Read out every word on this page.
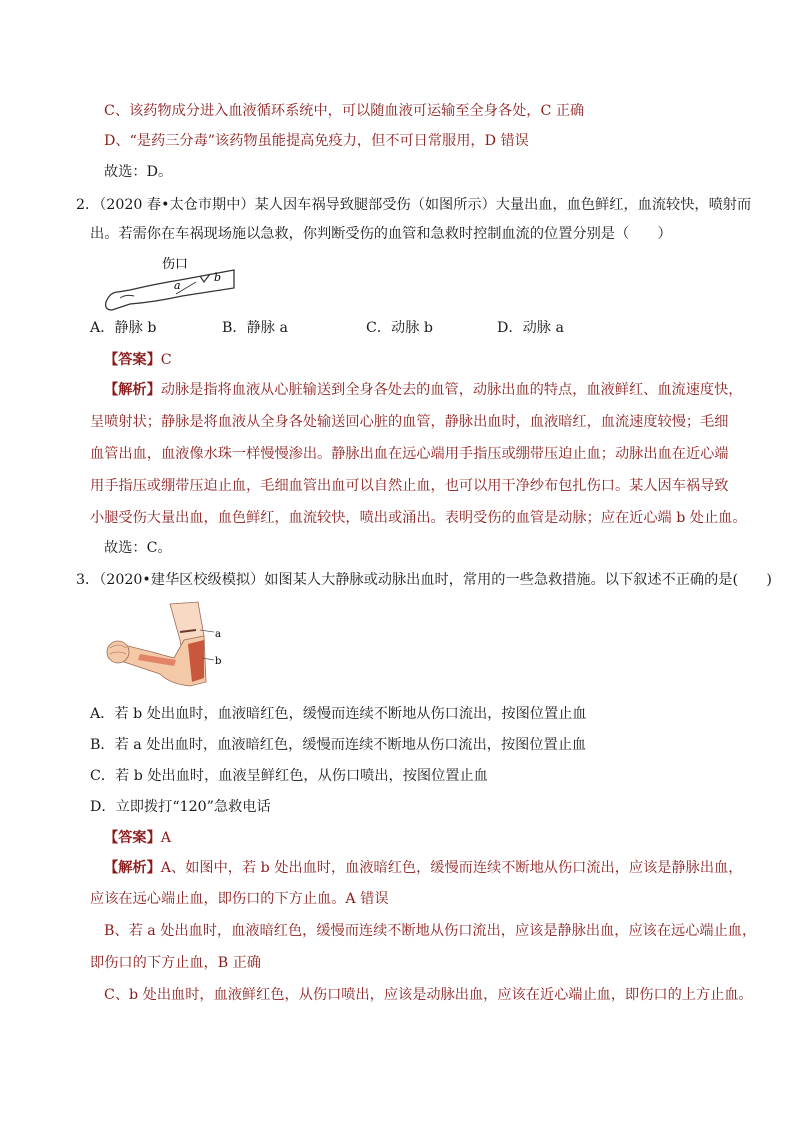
C、该药物成分进入血液循环系统中，可以随血液可运输至全身各处，C 正确
D、“是药三分毒”该药物虽能提高免疫力，但不可日常服用，D 错误
故选：D。
2．（2020 春•太仓市期中）某人因车祸导致腿部受伤（如图所示）大量出血，血色鲜红，血流较快，喷射而
出。若需你在车祸现场施以急救，你判断受伤的血管和急救时控制血流的位置分别是（　　）
伤口
a
b
A．静脉 b	B．静脉 a	C．动脉 b	D．动脉 a
【答案】C
【解析】动脉是指将血液从心脏输送到全身各处去的血管，动脉出血的特点，血液鲜红、血流速度快，
呈喷射状；静脉是将血液从全身各处输送回心脏的血管，静脉出血时，血液暗红，血流速度较慢；毛细
血管出血，血液像水珠一样慢慢渗出。静脉出血在远心端用手指压或绷带压迫止血；动脉出血在近心端
用手指压或绷带压迫止血，毛细血管出血可以自然止血，也可以用干净纱布包扎伤口。某人因车祸导致
小腿受伤大量出血，血色鲜红，血流较快，喷出或涌出。表明受伤的血管是动脉；应在近心端 b 处止血。
故选：C。
3．（2020•建华区校级模拟）如图某人大静脉或动脉出血时，常用的一些急救措施。以下叙述不正确的是(　　)
a
b
A．若 b 处出血时，血液暗红色，缓慢而连续不断地从伤口流出，按图位置止血
B．若 a 处出血时，血液暗红色，缓慢而连续不断地从伤口流出，按图位置止血
C．若 b 处出血时，血液呈鲜红色，从伤口喷出，按图位置止血
D．立即拨打“120”急救电话
【答案】A
【解析】A、如图中，若 b 处出血时，血液暗红色，缓慢而连续不断地从伤口流出，应该是静脉出血，
应该在远心端止血，即伤口的下方止血。A 错误
B、若 a 处出血时，血液暗红色，缓慢而连续不断地从伤口流出，应该是静脉出血，应该在远心端止血，
即伤口的下方止血，B 正确
C、b 处出血时，血液鲜红色，从伤口喷出，应该是动脉出血，应该在近心端止血，即伤口的上方止血。
